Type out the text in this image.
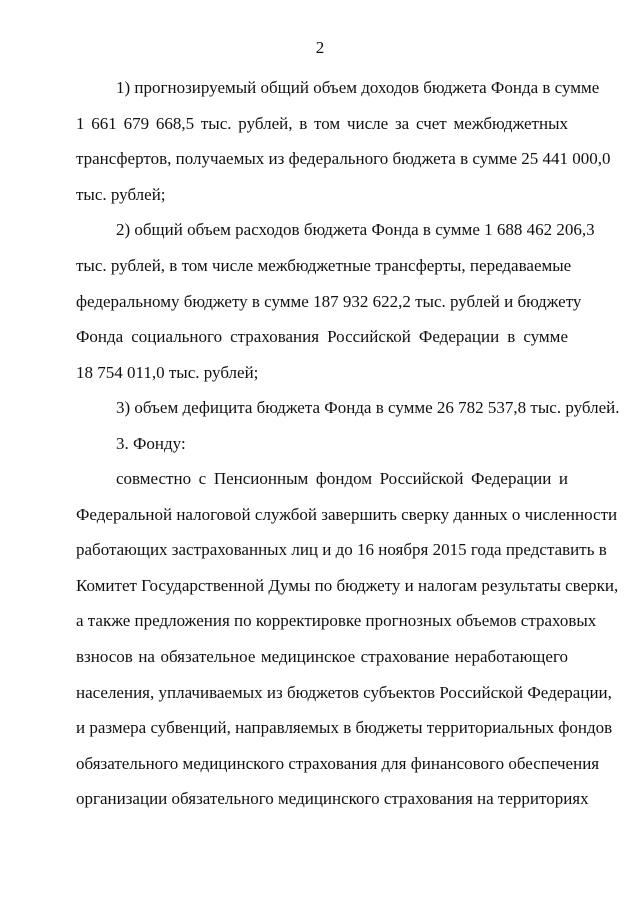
2
1) прогнозируемый общий объем доходов бюджета Фонда в сумме
1 661 679 668,5 тыс. рублей, в том числе за счет межбюджетных
трансфертов, получаемых из федерального бюджета в сумме 25 441 000,0
тыс. рублей;
2) общий объем расходов бюджета Фонда в сумме 1 688 462 206,3
тыс. рублей, в том числе межбюджетные трансферты, передаваемые
федеральному бюджету в сумме 187 932 622,2 тыс. рублей и бюджету
Фонда социального страхования Российской Федерации в сумме
18 754 011,0 тыс. рублей;
3) объем дефицита бюджета Фонда в сумме 26 782 537,8 тыс. рублей.
3. Фонду:
совместно с Пенсионным фондом Российской Федерации и
Федеральной налоговой службой завершить сверку данных о численности
работающих застрахованных лиц и до 16 ноября 2015 года представить в
Комитет Государственной Думы по бюджету и налогам результаты сверки,
а также предложения по корректировке прогнозных объемов страховых
взносов на обязательное медицинское страхование неработающего
населения, уплачиваемых из бюджетов субъектов Российской Федерации,
и размера субвенций, направляемых в бюджеты территориальных фондов
обязательного медицинского страхования для финансового обеспечения
организации обязательного медицинского страхования на территориях
